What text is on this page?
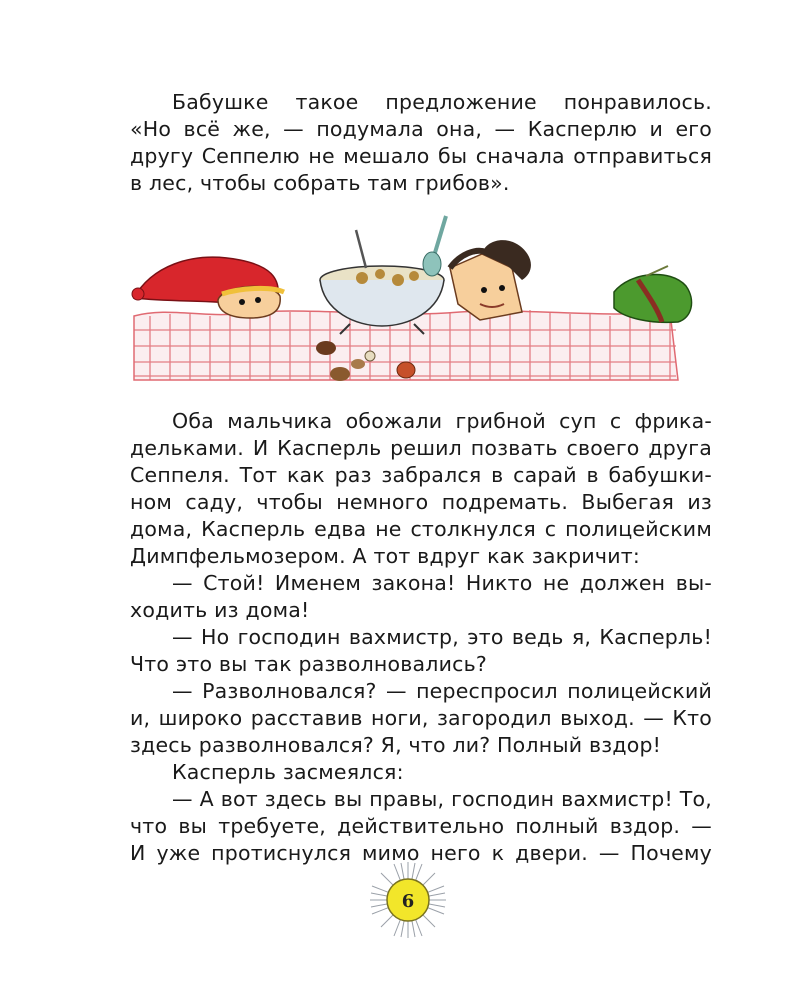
Бабушке такое предложение понравилось.
«Но всё же, — подумала она, — Касперлю и его
другу Сеппелю не мешало бы сначала отправиться
в лес, чтобы собрать там грибов».
Оба мальчика обожали грибной суп с фрика-
дельками. И Касперль решил позвать своего друга
Сеппеля. Тот как раз забрался в сарай в бабушки-
ном саду, чтобы немного подремать. Выбегая из
дома, Касперль едва не столкнулся с полицейским
Димпфельмозером. А тот вдруг как закричит:
— Стой! Именем закона! Никто не должен вы-
ходить из дома!
— Но господин вахмистр, это ведь я, Касперль!
Что это вы так разволновались?
— Разволновался? — переспросил полицейский
и, широко расставив ноги, загородил выход. — Кто
здесь разволновался? Я, что ли? Полный вздор!
Касперль засмеялся:
— А вот здесь вы правы, господин вахмистр! То,
что вы требуете, действительно полный вздор. —
И уже протиснулся мимо него к двери. — Почему
6
